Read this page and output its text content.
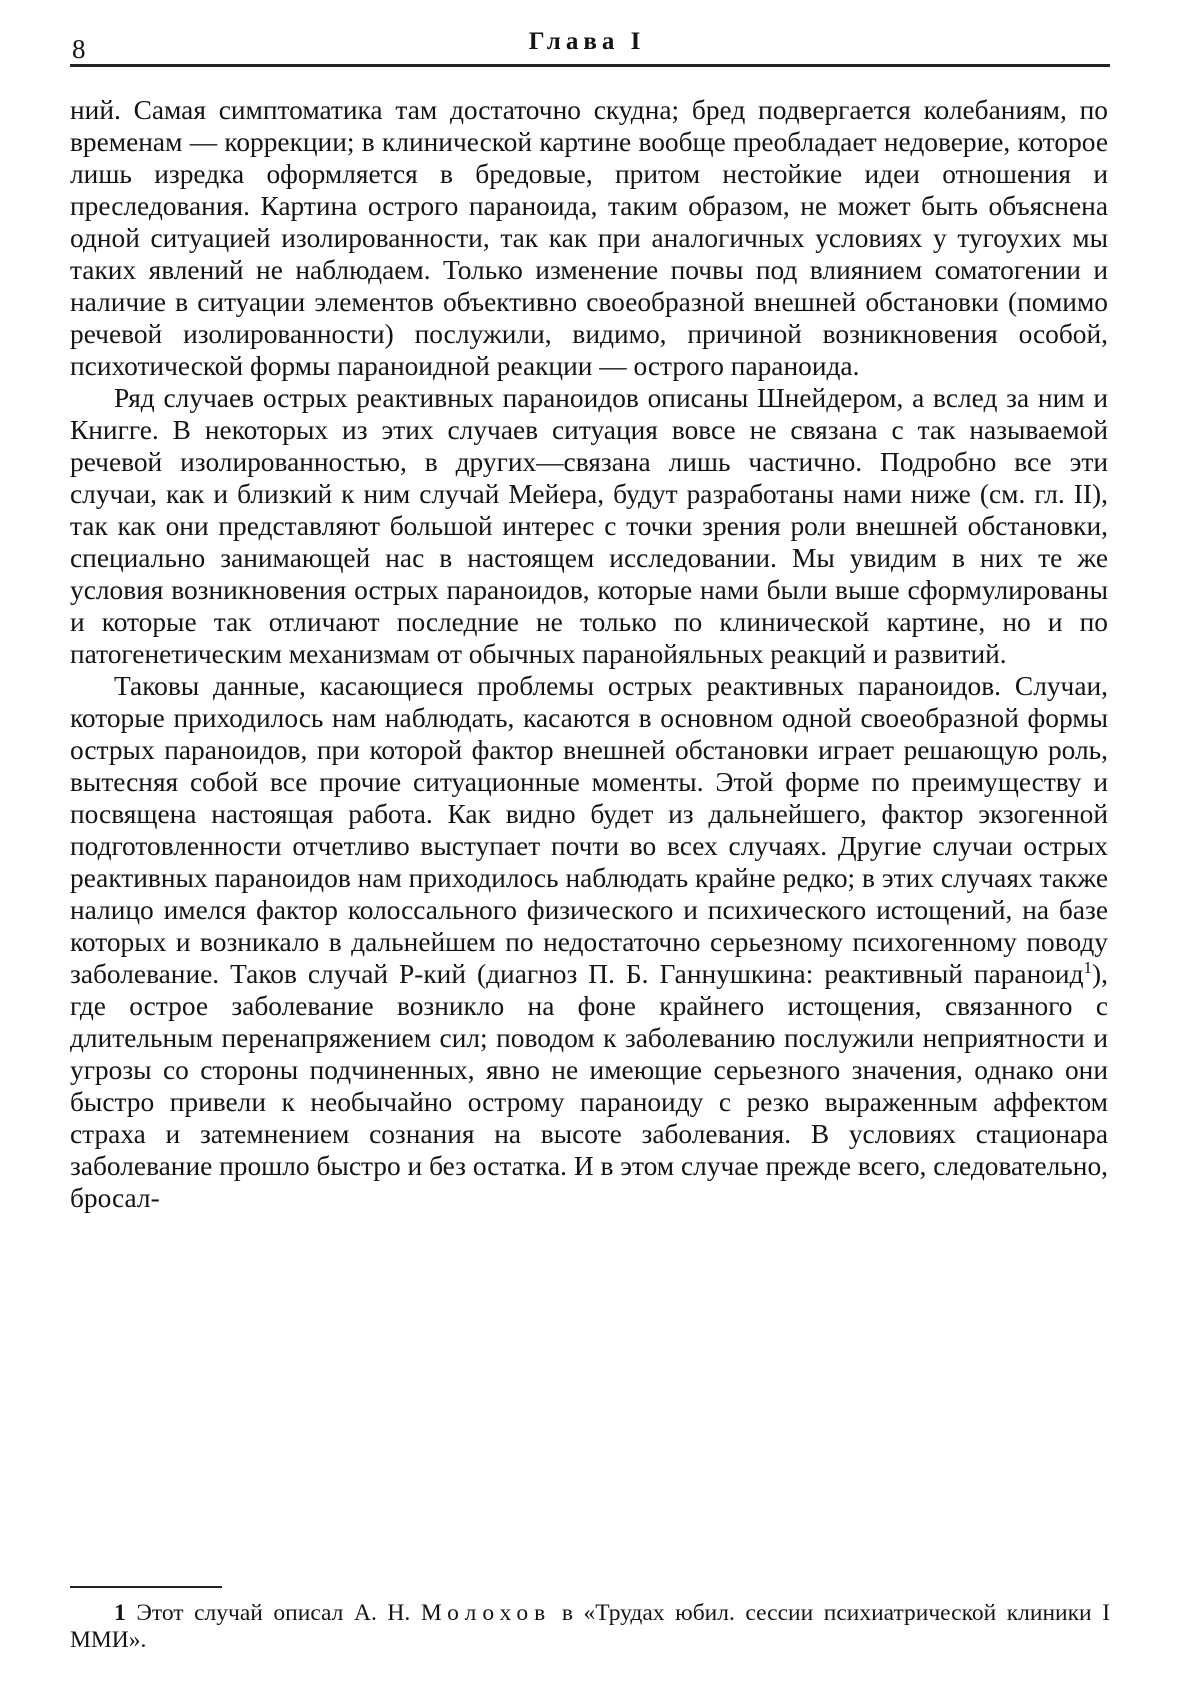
8	Глава I

ний. Самая симптоматика там достаточно скудна; бред подвергается колебаниям, по временам — коррекции; в клинической картине вообще преобладает недоверие, которое лишь изредка оформляется в бредовые, притом нестойкие идеи отношения и преследования. Картина острого параноида, таким образом, не может быть объяснена одной ситуацией изолированности, так как при аналогичных условиях у тугоухих мы таких явлений не наблюдаем. Только изменение почвы под влиянием соматогении и наличие в ситуации элементов объективно своеобразной внешней обстановки (помимо речевой изолированности) послужили, видимо, причиной возникновения особой, психотической формы параноидной реакции — острого параноида.

Ряд случаев острых реактивных параноидов описаны Шнейдером, а вслед за ним и Книгге. В некоторых из этих случаев ситуация вовсе не связана с так называемой речевой изолированностью, в других—связана лишь частично. Подробно все эти случаи, как и близкий к ним случай Мейера, будут разработаны нами ниже (см. гл. II), так как они представляют большой интерес с точки зрения роли внешней обстановки, специально занимающей нас в настоящем исследовании. Мы увидим в них те же условия возникновения острых параноидов, которые нами были выше сформулированы и которые так отличают последние не только по клинической картине, но и по патогенетическим механизмам от обычных паранойяльных реакций и развитий.

Таковы данные, касающиеся проблемы острых реактивных параноидов. Случаи, которые приходилось нам наблюдать, касаются в основном одной своеобразной формы острых параноидов, при которой фактор внешней обстановки играет решающую роль, вытесняя собой все прочие ситуационные моменты. Этой форме по преимуществу и посвящена настоящая работа. Как видно будет из дальнейшего, фактор экзогенной подготовленности отчетливо выступает почти во всех случаях. Другие случаи острых реактивных параноидов нам приходилось наблюдать крайне редко; в этих случаях также налицо имелся фактор колоссального физического и психического истощений, на базе которых и возникало в дальнейшем по недостаточно серьезному психогенному поводу заболевание. Таков случай Р-кий (диагноз П. Б. Ганнушкина: реактивный параноид$^1$), где острое заболевание возникло на фоне крайнего истощения, связанного с длительным перенапряжением сил; поводом к заболеванию послужили неприятности и угрозы со стороны подчиненных, явно не имеющие серьезного значения, однако они быстро привели к необычайно острому параноиду с резко выраженным аффектом страха и затемнением сознания на высоте заболевания. В условиях стационара заболевание прошло быстро и без остатка. И в этом случае прежде всего, следовательно, бросал-

1 Этот случай описал А. Н. Молохов в «Трудах юбил. сессии психиатрической клиники I ММИ».
